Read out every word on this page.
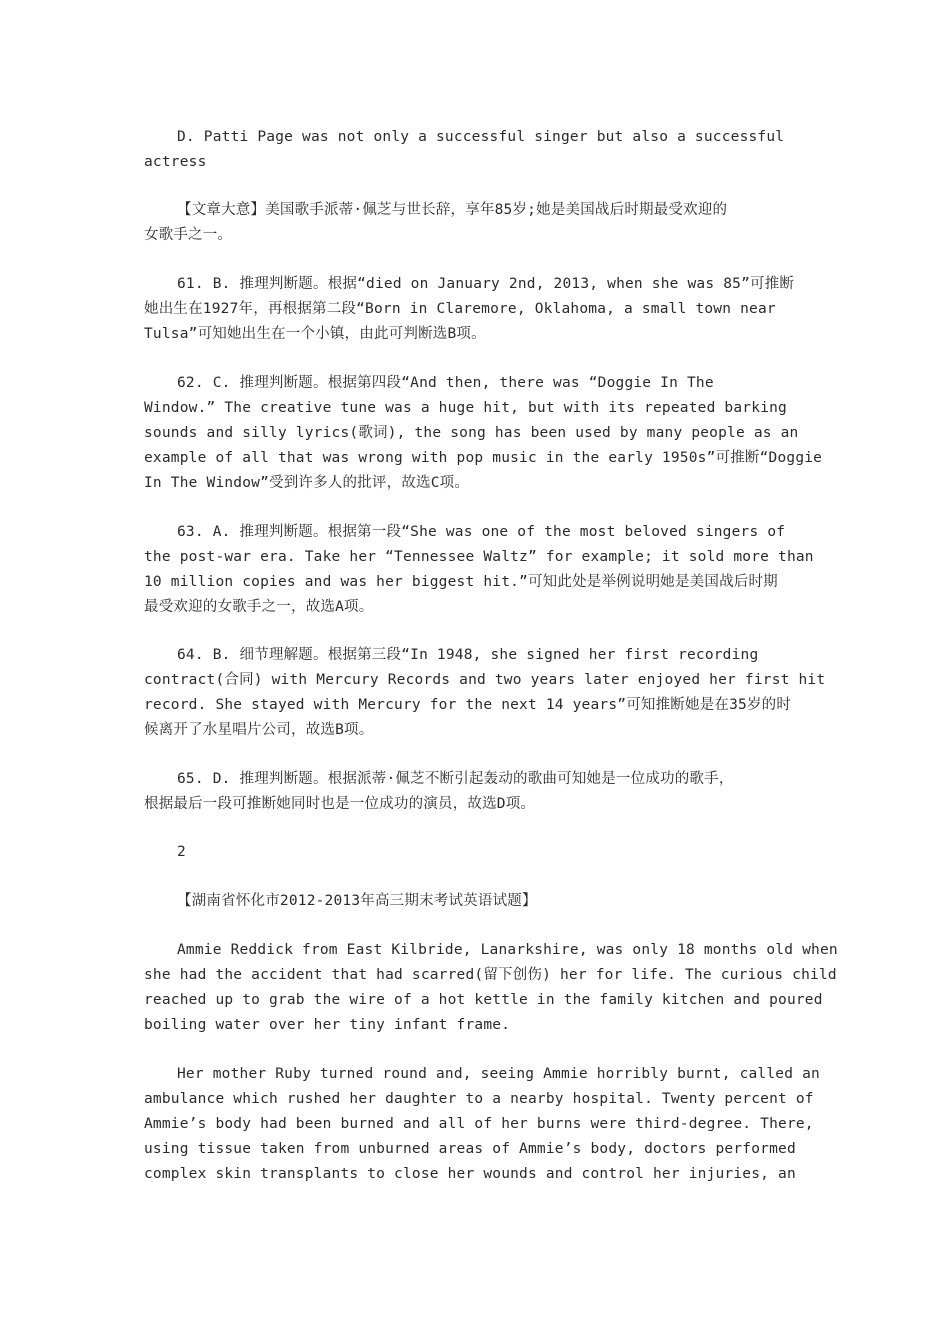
D. Patti Page was not only a successful singer but also a successful
actress

【文章大意】美国歌手派蒂·佩芝与世长辞，享年85岁;她是美国战后时期最受欢迎的
女歌手之一。

61. B. 推理判断题。根据“died on January 2nd, 2013, when she was 85”可推断
她出生在1927年，再根据第二段“Born in Claremore, Oklahoma, a small town near
Tulsa”可知她出生在一个小镇，由此可判断选B项。

62. C. 推理判断题。根据第四段“And then, there was “Doggie In The
Window.” The creative tune was a huge hit, but with its repeated barking
sounds and silly lyrics(歌词), the song has been used by many people as an
example of all that was wrong with pop music in the early 1950s”可推断“Doggie
In The Window”受到许多人的批评，故选C项。

63. A. 推理判断题。根据第一段“She was one of the most beloved singers of
the post-war era. Take her “Tennessee Waltz” for example; it sold more than
10 million copies and was her biggest hit.”可知此处是举例说明她是美国战后时期
最受欢迎的女歌手之一，故选A项。

64. B. 细节理解题。根据第三段“In 1948, she signed her first recording
contract(合同) with Mercury Records and two years later enjoyed her first hit
record. She stayed with Mercury for the next 14 years”可知推断她是在35岁的时
候离开了水星唱片公司，故选B项。

65. D. 推理判断题。根据派蒂·佩芝不断引起轰动的歌曲可知她是一位成功的歌手，
根据最后一段可推断她同时也是一位成功的演员，故选D项。

2

【湖南省怀化市2012-2013年高三期末考试英语试题】

Ammie Reddick from East Kilbride, Lanarkshire, was only 18 months old when
she had the accident that had scarred(留下创伤) her for life. The curious child
reached up to grab the wire of a hot kettle in the family kitchen and poured
boiling water over her tiny infant frame.

Her mother Ruby turned round and, seeing Ammie horribly burnt, called an
ambulance which rushed her daughter to a nearby hospital. Twenty percent of
Ammie’s body had been burned and all of her burns were third-degree. There,
using tissue taken from unburned areas of Ammie’s body, doctors performed
complex skin transplants to close her wounds and control her injuries, an
